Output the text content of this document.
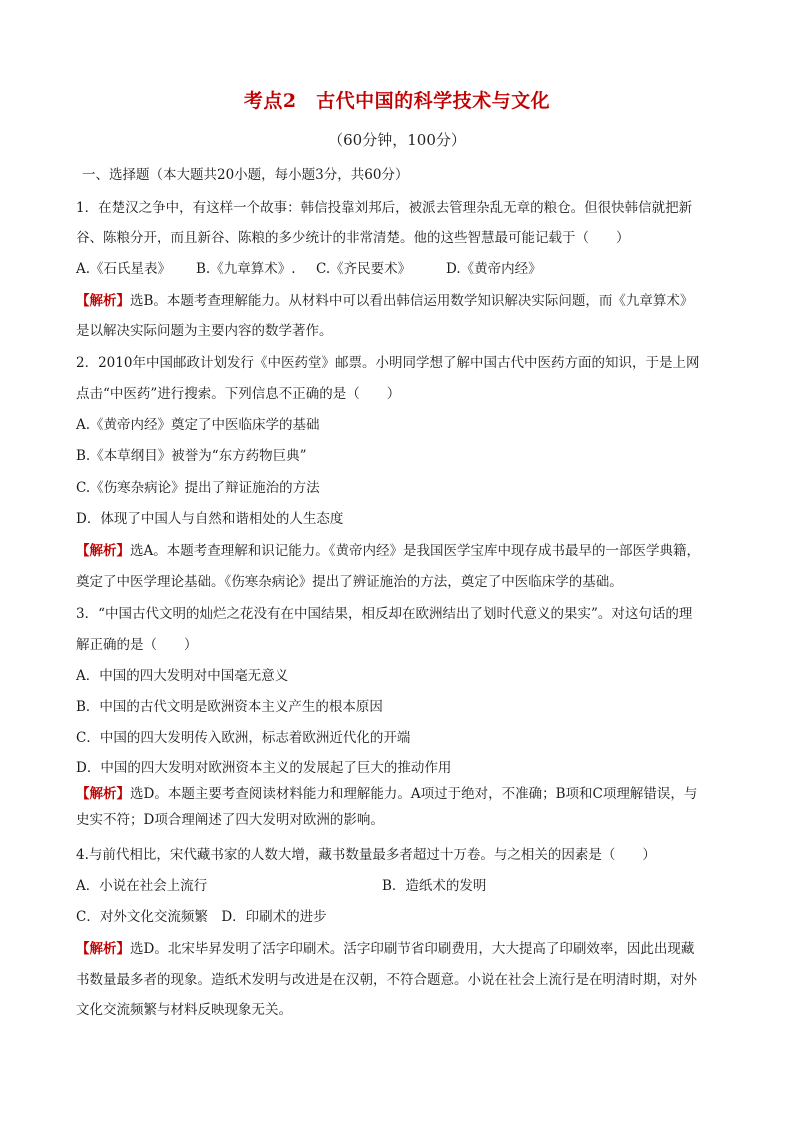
考点2　古代中国的科学技术与文化
（60分钟，100分）
一、选择题（本大题共20小题，每小题3分，共60分）
1．在楚汉之争中，有这样一个故事：韩信投靠刘邦后，被派去管理杂乱无章的粮仓。但很快韩信就把新
谷、陈粮分开，而且新谷、陈粮的多少统计的非常清楚。他的这些智慧最可能记载于（　　）
A.《石氏星表》 B.《九章算术》. C.《齐民要术》	D.《黄帝内经》
【解析】选B。本题考查理解能力。从材料中可以看出韩信运用数学知识解决实际问题，而《九章算术》
是以解决实际问题为主要内容的数学著作。
2．2010年中国邮政计划发行《中医药堂》邮票。小明同学想了解中国古代中医药方面的知识，于是上网
点击“中医药”进行搜索。下列信息不正确的是（　　）
A.《黄帝内经》奠定了中医临床学的基础
B.《本草纲目》被誉为“东方药物巨典”
C.《伤寒杂病论》提出了辩证施治的方法
D．体现了中国人与自然和谐相处的人生态度
【解析】选A。本题考查理解和识记能力。《黄帝内经》是我国医学宝库中现存成书最早的一部医学典籍，
奠定了中医学理论基础。《伤寒杂病论》提出了辨证施治的方法，奠定了中医临床学的基础。
3．“中国古代文明的灿烂之花没有在中国结果，相反却在欧洲结出了划时代意义的果实”。对这句话的理
解正确的是（　　）
A．中国的四大发明对中国毫无意义
B．中国的古代文明是欧洲资本主义产生的根本原因
C．中国的四大发明传入欧洲，标志着欧洲近代化的开端
D．中国的四大发明对欧洲资本主义的发展起了巨大的推动作用
【解析】选D。本题主要考查阅读材料能力和理解能力。A项过于绝对，不准确；B项和C项理解错误，与
史实不符；D项合理阐述了四大发明对欧洲的影响。
4.与前代相比，宋代藏书家的人数大增，藏书数量最多者超过十万卷。与之相关的因素是（　　）
A．小说在社会上流行	B．造纸术的发明
C．对外文化交流频繁　D．印刷术的进步
【解析】选D。北宋毕昇发明了活字印刷术。活字印刷节省印刷费用，大大提高了印刷效率，因此出现藏
书数量最多者的现象。造纸术发明与改进是在汉朝，不符合题意。小说在社会上流行是在明清时期，对外
文化交流频繁与材料反映现象无关。
